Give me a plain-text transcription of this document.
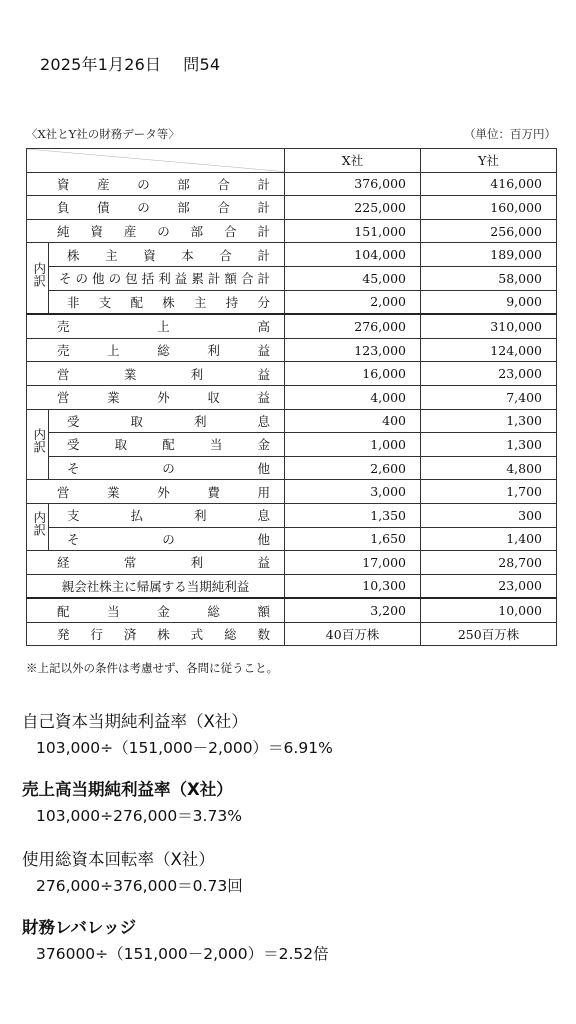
2025年1月26日 問54
〈X社とY社の財務データ等〉	（単位：百万円）
	X社	Y社
資産の部合計		376,000	416,000
負債の部合計		225,000	160,000
純資産の部合計		151,000	256,000
内訳	株主資本合計	104,000	189,000
	その他の包括利益累計額合計	45,000	58,000
	非支配株主持分	2,000	9,000
売上高		276,000	310,000
売上総利益		123,000	124,000
営業利益		16,000	23,000
営業外収益		4,000	7,400
内訳	受取利息	400	1,300
	受取配当金	1,000	1,300
	その他	2,600	4,800
営業外費用		3,000	1,700
内訳	支払利息	1,350	300
	その他	1,650	1,400
経常利益		17,000	28,700
親会社株主に帰属する当期純利益		10,300	23,000
配当金総額		3,200	10,000
発行済株式総数		40百万株	250百万株
※上記以外の条件は考慮せず、各問に従うこと。
自己資本当期純利益率（X社）
103,000÷（151,000－2,000）＝6.91%
売上高当期純利益率（X社）
103,000÷276,000＝3.73%
使用総資本回転率（X社）
276,000÷376,000＝0.73回
財務レバレッジ
376000÷（151,000－2,000）＝2.52倍
